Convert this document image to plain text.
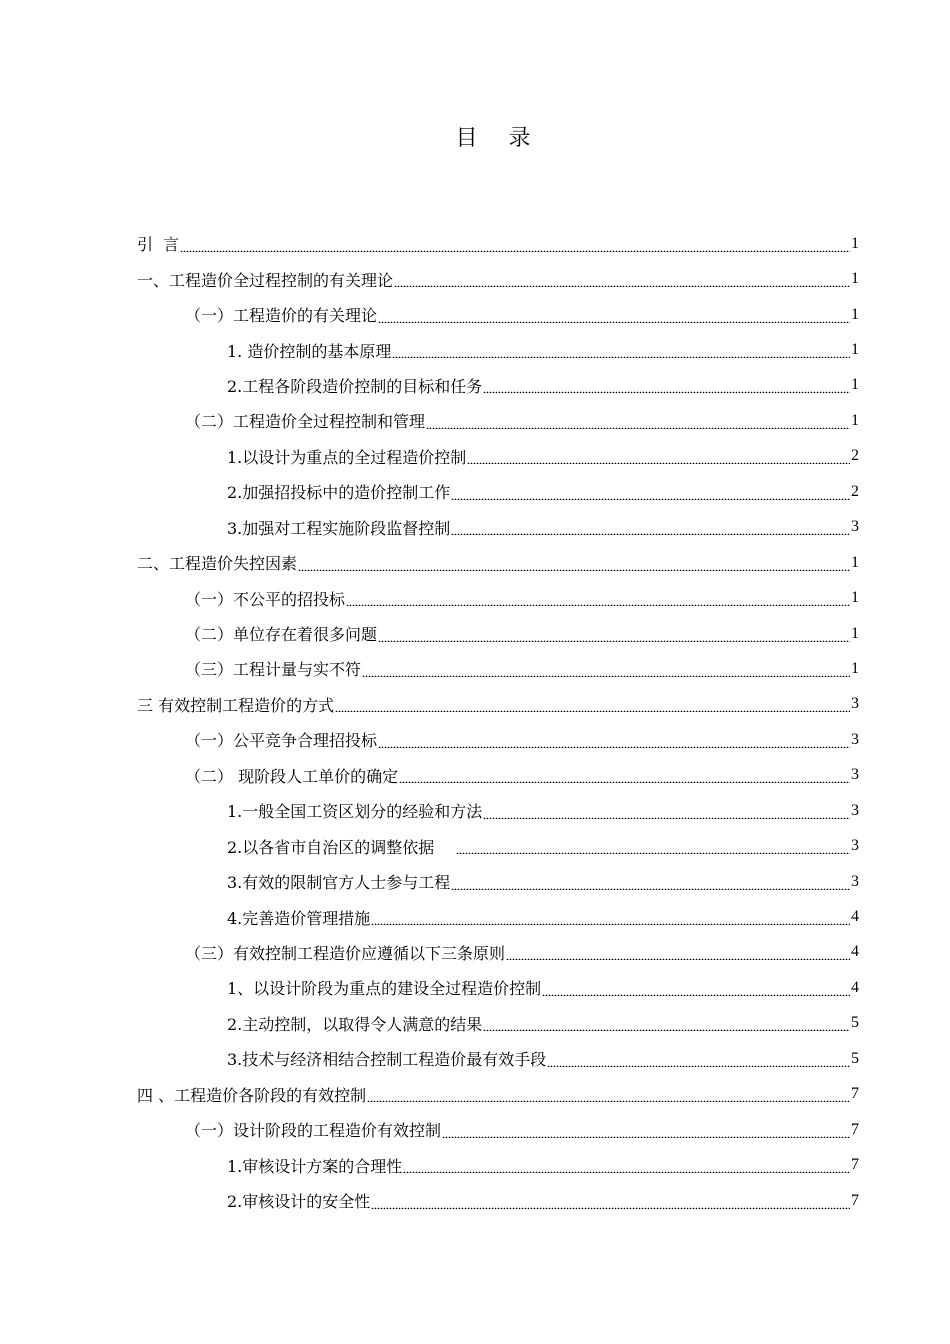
目 录
引  言	1
一、工程造价全过程控制的有关理论	1
（一）工程造价的有关理论	1
1. 造价控制的基本原理	1
2.工程各阶段造价控制的目标和任务	1
（二）工程造价全过程控制和管理	1
1.以设计为重点的全过程造价控制	2
2.加强招投标中的造价控制工作	2
3.加强对工程实施阶段监督控制	3
二、工程造价失控因素	1
（一）不公平的招投标	1
（二）单位存在着很多问题	1
（三）工程计量与实不符	1
三 有效控制工程造价的方式	3
（一）公平竞争合理招投标	3
（二） 现阶段人工单价的确定	3
1.一般全国工资区划分的经验和方法	3
2.以各省市自治区的调整依据	3
3.有效的限制官方人士参与工程	3
4.完善造价管理措施	4
（三）有效控制工程造价应遵循以下三条原则	4
1、以设计阶段为重点的建设全过程造价控制	4
2.主动控制，以取得令人满意的结果	5
3.技术与经济相结合控制工程造价最有效手段	5
四 、工程造价各阶段的有效控制	7
（一）设计阶段的工程造价有效控制	7
1.审核设计方案的合理性	7
2.审核设计的安全性	7
